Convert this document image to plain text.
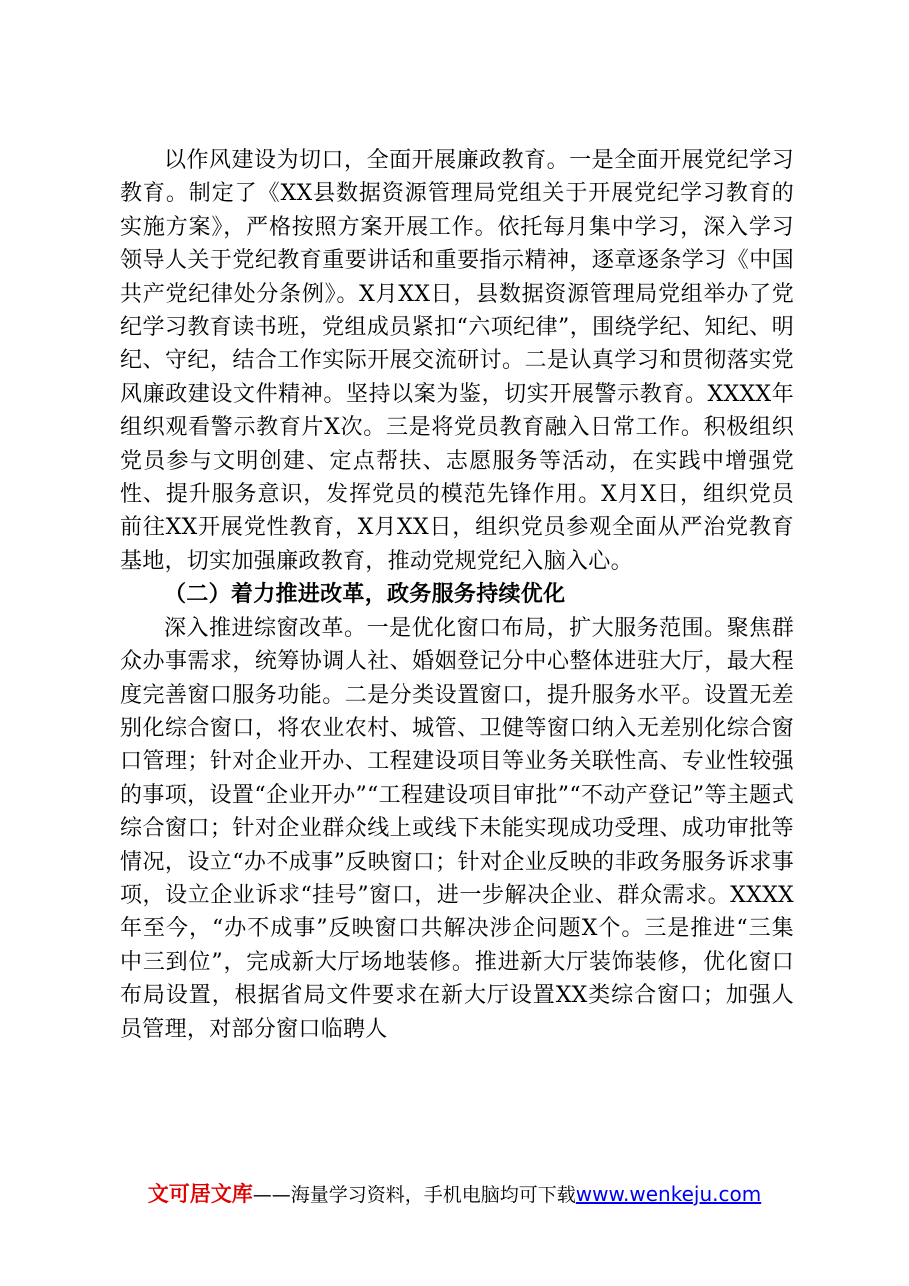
以作风建设为切口，全面开展廉政教育。一是全面开展党纪学习教育。制定了《XX县数据资源管理局党组关于开展党纪学习教育的实施方案》，严格按照方案开展工作。依托每月集中学习，深入学习领导人关于党纪教育重要讲话和重要指示精神，逐章逐条学习《中国共产党纪律处分条例》。X月XX日，县数据资源管理局党组举办了党纪学习教育读书班，党组成员紧扣“六项纪律”，围绕学纪、知纪、明纪、守纪，结合工作实际开展交流研讨。二是认真学习和贯彻落实党风廉政建设文件精神。坚持以案为鉴，切实开展警示教育。XXXX年组织观看警示教育片X次。三是将党员教育融入日常工作。积极组织党员参与文明创建、定点帮扶、志愿服务等活动，在实践中增强党性、提升服务意识，发挥党员的模范先锋作用。X月X日，组织党员前往XX开展党性教育，X月XX日，组织党员参观全面从严治党教育基地，切实加强廉政教育，推动党规党纪入脑入心。

（二）着力推进改革，政务服务持续优化

深入推进综窗改革。一是优化窗口布局，扩大服务范围。聚焦群众办事需求，统筹协调人社、婚姻登记分中心整体进驻大厅，最大程度完善窗口服务功能。二是分类设置窗口，提升服务水平。设置无差别化综合窗口，将农业农村、城管、卫健等窗口纳入无差别化综合窗口管理；针对企业开办、工程建设项目等业务关联性高、专业性较强的事项，设置“企业开办”“工程建设项目审批”“不动产登记”等主题式综合窗口；针对企业群众线上或线下未能实现成功受理、成功审批等情况，设立“办不成事”反映窗口；针对企业反映的非政务服务诉求事项，设立企业诉求“挂号”窗口，进一步解决企业、群众需求。XXXX年至今，“办不成事”反映窗口共解决涉企问题X个。三是推进“三集中三到位”，完成新大厅场地装修。推进新大厅装饰装修，优化窗口布局设置，根据省局文件要求在新大厅设置XX类综合窗口；加强人员管理，对部分窗口临聘人

文可居文库——海量学习资料，手机电脑均可下载www.wenkeju.com
